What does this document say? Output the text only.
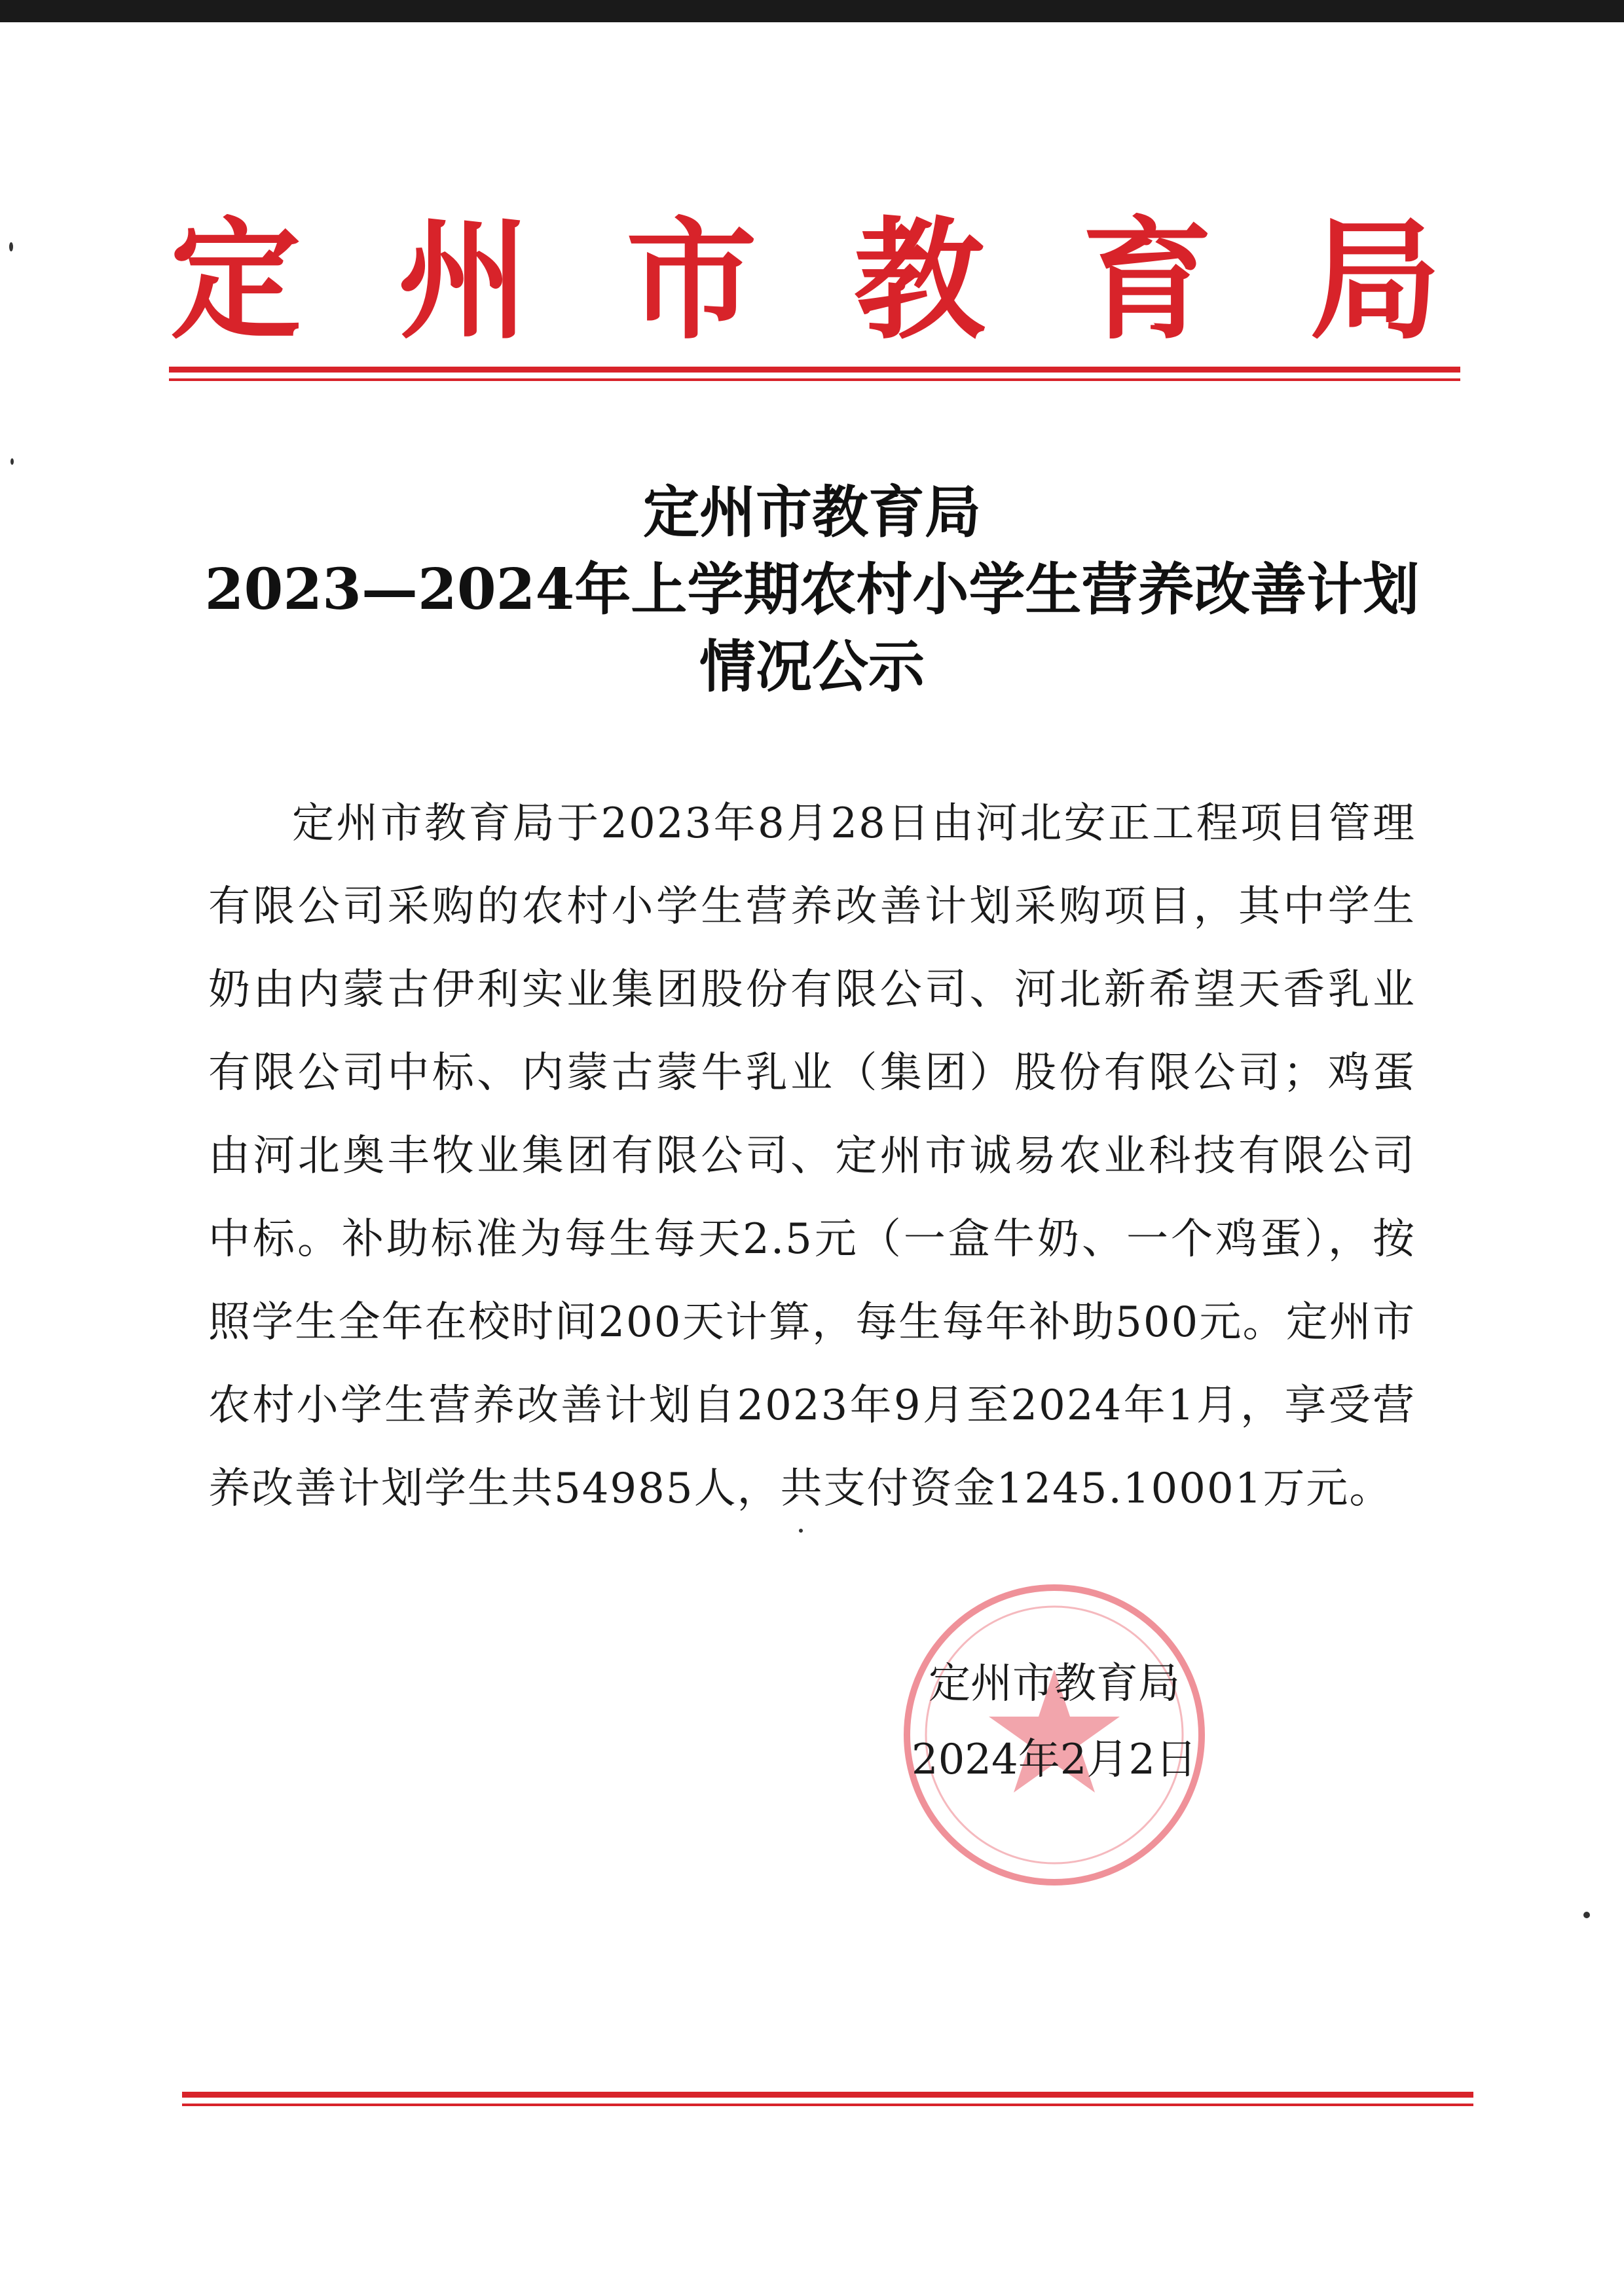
定州市教育局
定州市教育局
2023—2024年上学期农村小学生营养改善计划
情况公示
定州市教育局于2023年8月28日由河北安正工程项目管理有限公司采购的农村小学生营养改善计划采购项目，其中学生奶由内蒙古伊利实业集团股份有限公司、河北新希望天香乳业有限公司中标、内蒙古蒙牛乳业（集团）股份有限公司；鸡蛋由河北奥丰牧业集团有限公司、定州市诚易农业科技有限公司中标。补助标准为每生每天2.5元（一盒牛奶、一个鸡蛋），按照学生全年在校时间200天计算，每生每年补助500元。定州市农村小学生营养改善计划自2023年9月至2024年1月，享受营养改善计划学生共54985人，共支付资金1245.10001万元。
定州市教育局
2024年2月2日
